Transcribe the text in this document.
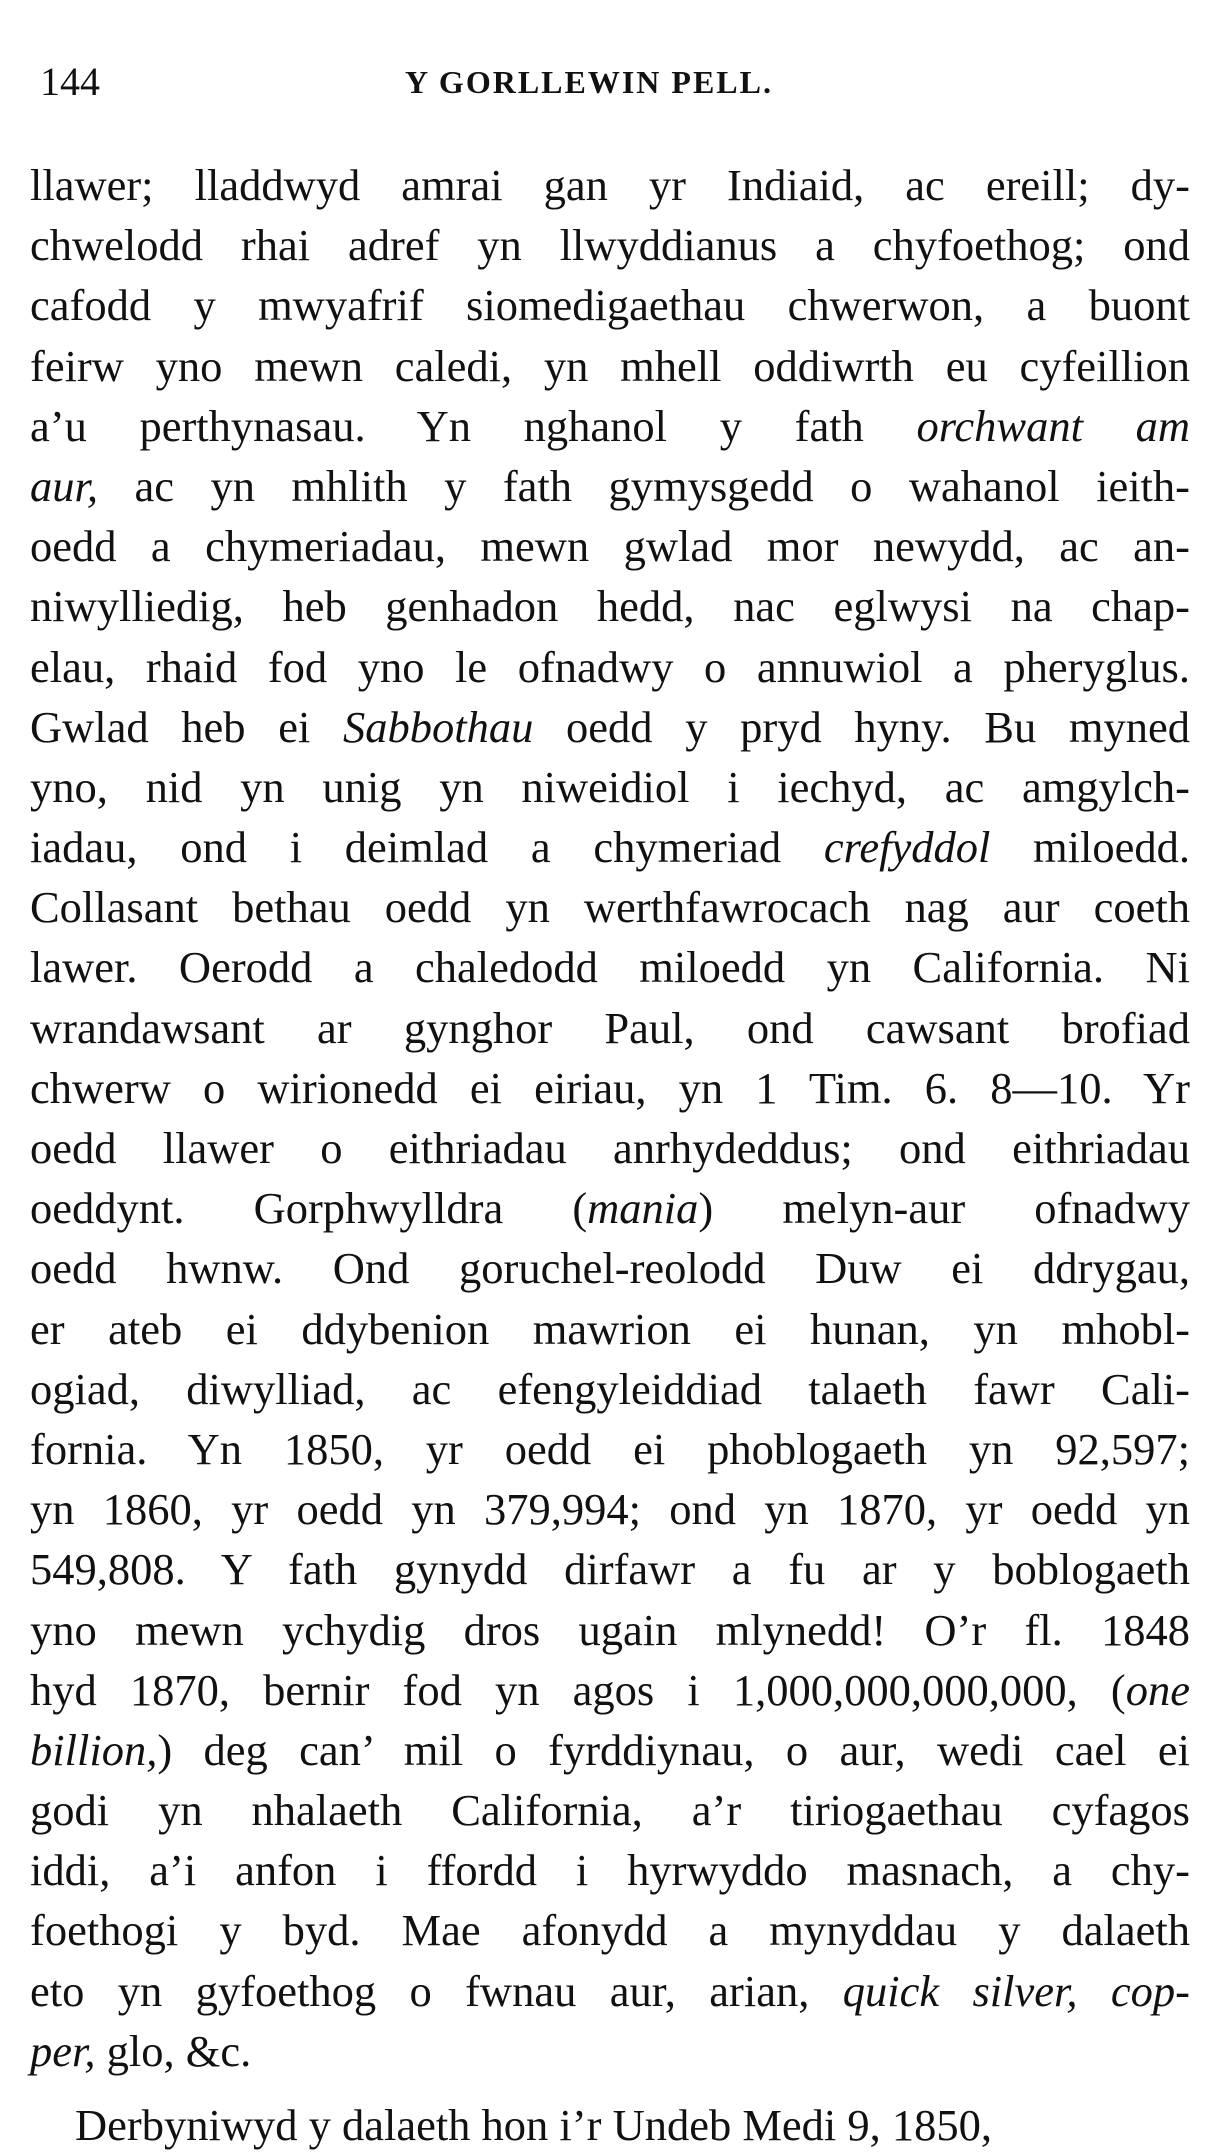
144	Y GORLLEWIN PELL.
llawer; lladdwyd amrai gan yr Indiaid, ac ereill; dy-
chwelodd rhai adref yn llwyddianus a chyfoethog; ond
cafodd y mwyafrif siomedigaethau chwerwon, a buont
feirw yno mewn caledi, yn mhell oddiwrth eu cyfeillion
a’u perthynasau. Yn nghanol y fath orchwant am
aur, ac yn mhlith y fath gymysgedd o wahanol ieith-
oedd a chymeriadau, mewn gwlad mor newydd, ac an-
niwylliedig, heb genhadon hedd, nac eglwysi na chap-
elau, rhaid fod yno le ofnadwy o annuwiol a pheryglus.
Gwlad heb ei Sabbothau oedd y pryd hyny. Bu myned
yno, nid yn unig yn niweidiol i iechyd, ac amgylch-
iadau, ond i deimlad a chymeriad crefyddol miloedd.
Collasant bethau oedd yn werthfawrocach nag aur coeth
lawer. Oerodd a chaledodd miloedd yn California. Ni
wrandawsant ar gynghor Paul, ond cawsant brofiad
chwerw o wirionedd ei eiriau, yn 1 Tim. 6. 8—10. Yr
oedd llawer o eithriadau anrhydeddus; ond eithriadau
oeddynt. Gorphwylldra (mania) melyn-aur ofnadwy
oedd hwnw. Ond goruchel-reolodd Duw ei ddrygau,
er ateb ei ddybenion mawrion ei hunan, yn mhobl-
ogiad, diwylliad, ac efengyleiddiad talaeth fawr Cali-
fornia. Yn 1850, yr oedd ei phoblogaeth yn 92,597;
yn 1860, yr oedd yn 379,994; ond yn 1870, yr oedd yn
549,808. Y fath gynydd dirfawr a fu ar y boblogaeth
yno mewn ychydig dros ugain mlynedd! O’r fl. 1848
hyd 1870, bernir fod yn agos i 1,000,000,000,000, (one
billion,) deg can’ mil o fyrddiynau, o aur, wedi cael ei
godi yn nhalaeth California, a’r tiriogaethau cyfagos
iddi, a’i anfon i ffordd i hyrwyddo masnach, a chy-
foethogi y byd. Mae afonydd a mynyddau y dalaeth
eto yn gyfoethog o fwnau aur, arian, quick silver, cop-
per, glo, &c.
Derbyniwyd y dalaeth hon i’r Undeb Medi 9, 1850,
